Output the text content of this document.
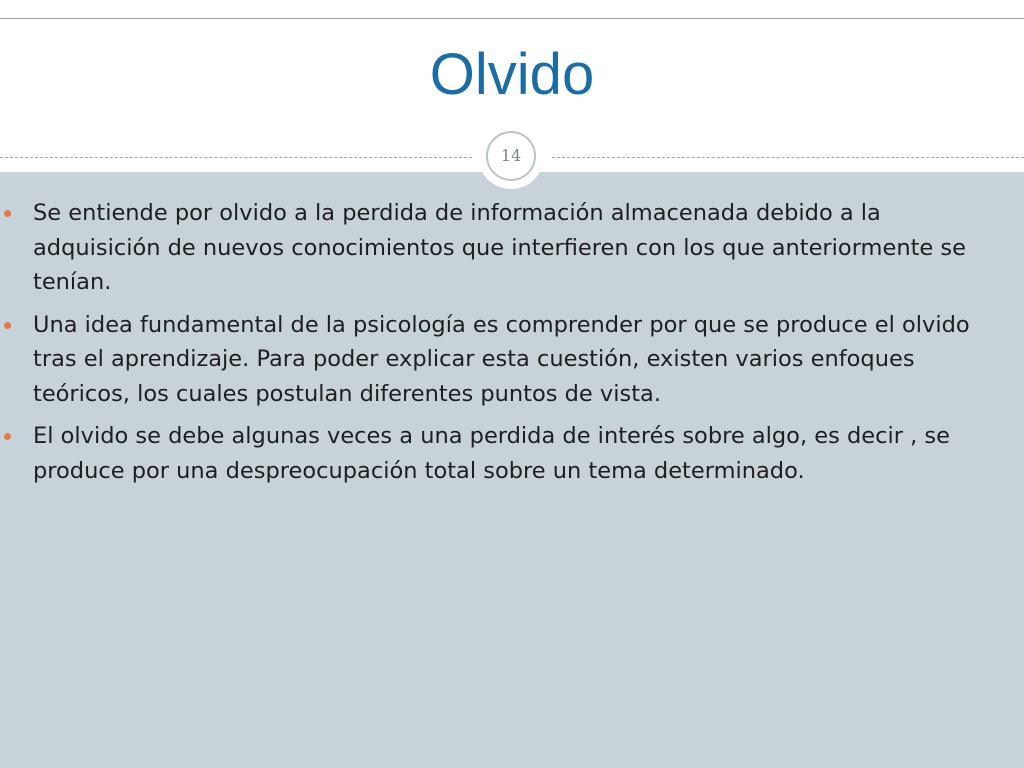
Olvido
14
Se entiende por olvido a la perdida de información almacenada debido a la adquisición de nuevos conocimientos que interfieren con los que anteriormente se tenían.
Una idea fundamental de la psicología es comprender por que se produce el olvido tras el aprendizaje. Para poder explicar esta cuestión, existen varios enfoques teóricos, los cuales postulan diferentes puntos de vista.
El olvido se debe algunas veces a una perdida de interés sobre algo, es decir , se produce por una despreocupación total sobre un tema determinado.
